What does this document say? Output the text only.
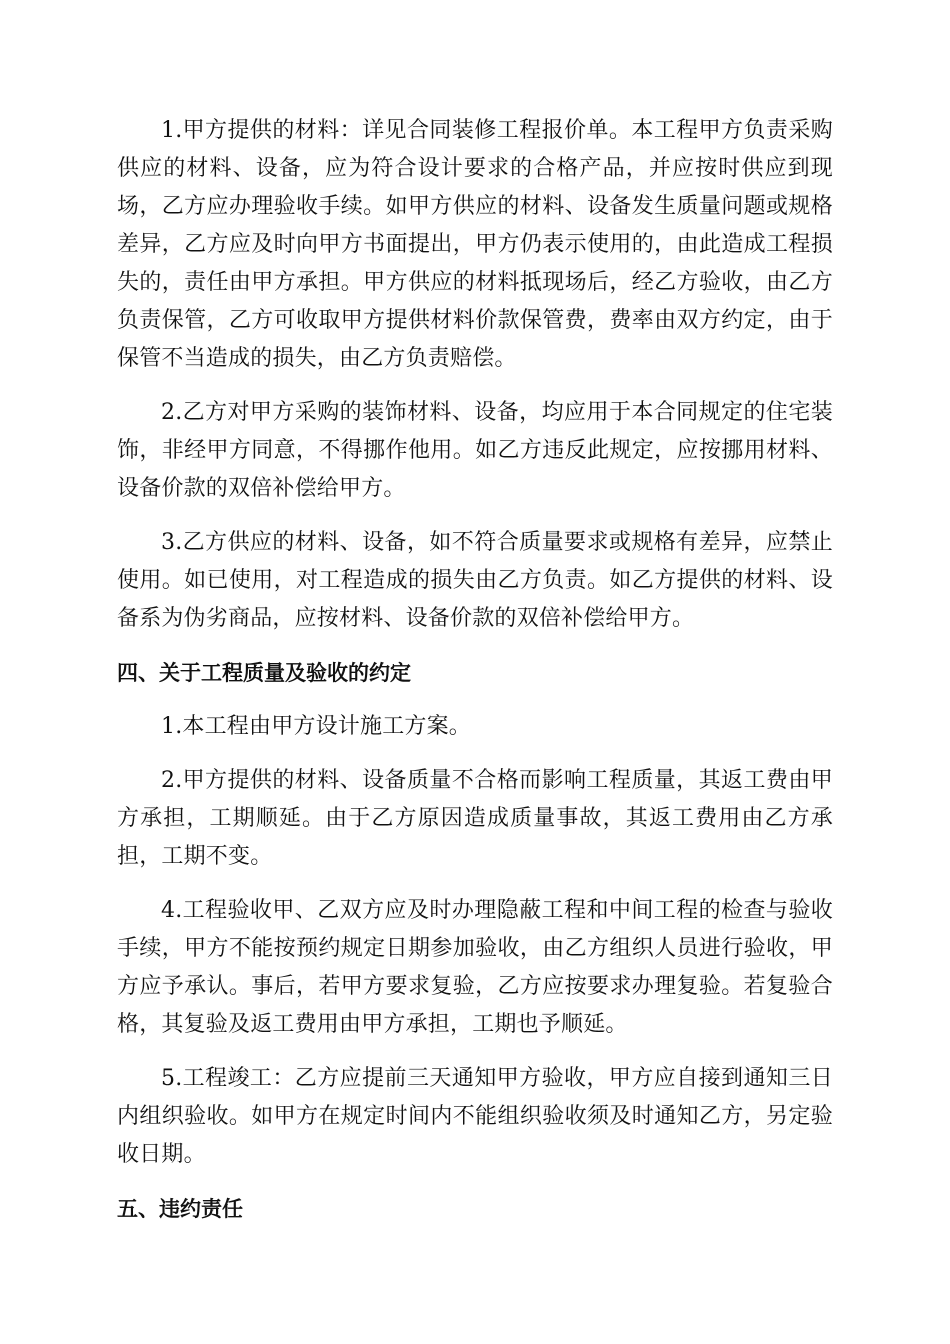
1.甲方提供的材料：详见合同装修工程报价单。本工程甲方负责采购供应的材料、设备，应为符合设计要求的合格产品，并应按时供应到现场，乙方应办理验收手续。如甲方供应的材料、设备发生质量问题或规格差异，乙方应及时向甲方书面提出，甲方仍表示使用的，由此造成工程损失的，责任由甲方承担。甲方供应的材料抵现场后，经乙方验收，由乙方负责保管，乙方可收取甲方提供材料价款保管费，费率由双方约定，由于保管不当造成的损失，由乙方负责赔偿。

2.乙方对甲方采购的装饰材料、设备，均应用于本合同规定的住宅装饰，非经甲方同意，不得挪作他用。如乙方违反此规定，应按挪用材料、设备价款的双倍补偿给甲方。

3.乙方供应的材料、设备，如不符合质量要求或规格有差异，应禁止使用。如已使用，对工程造成的损失由乙方负责。如乙方提供的材料、设备系为伪劣商品，应按材料、设备价款的双倍补偿给甲方。

四、关于工程质量及验收的约定

1.本工程由甲方设计施工方案。

2.甲方提供的材料、设备质量不合格而影响工程质量，其返工费由甲方承担，工期顺延。由于乙方原因造成质量事故，其返工费用由乙方承担，工期不变。

4.工程验收甲、乙双方应及时办理隐蔽工程和中间工程的检查与验收手续，甲方不能按预约规定日期参加验收，由乙方组织人员进行验收，甲方应予承认。事后，若甲方要求复验，乙方应按要求办理复验。若复验合格，其复验及返工费用由甲方承担，工期也予顺延。

5.工程竣工：乙方应提前三天通知甲方验收，甲方应自接到通知三日内组织验收。如甲方在规定时间内不能组织验收须及时通知乙方，另定验收日期。

五、违约责任
